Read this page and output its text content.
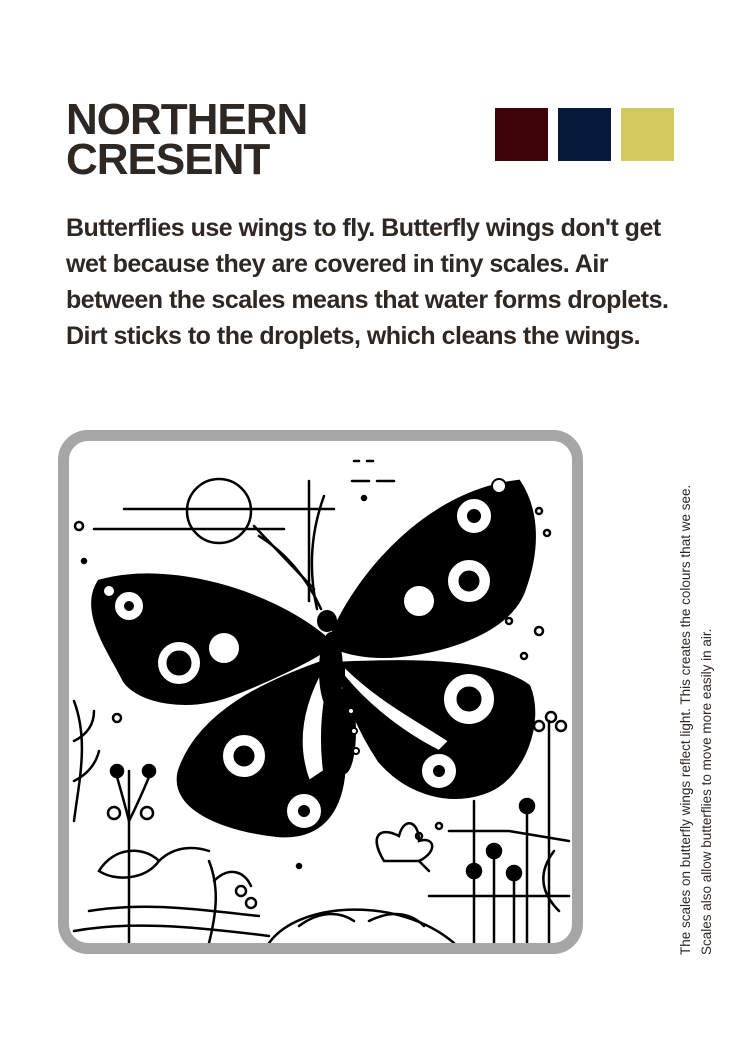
NORTHERN
CRESENT

Butterflies use wings to fly. Butterfly wings don't get wet because they are covered in tiny scales. Air between the scales means that water forms droplets. Dirt sticks to the droplets, which cleans the wings.

The scales on butterfly wings reflect light. This creates the colours that we see. Scales also allow butterflies to move more easily in air.
